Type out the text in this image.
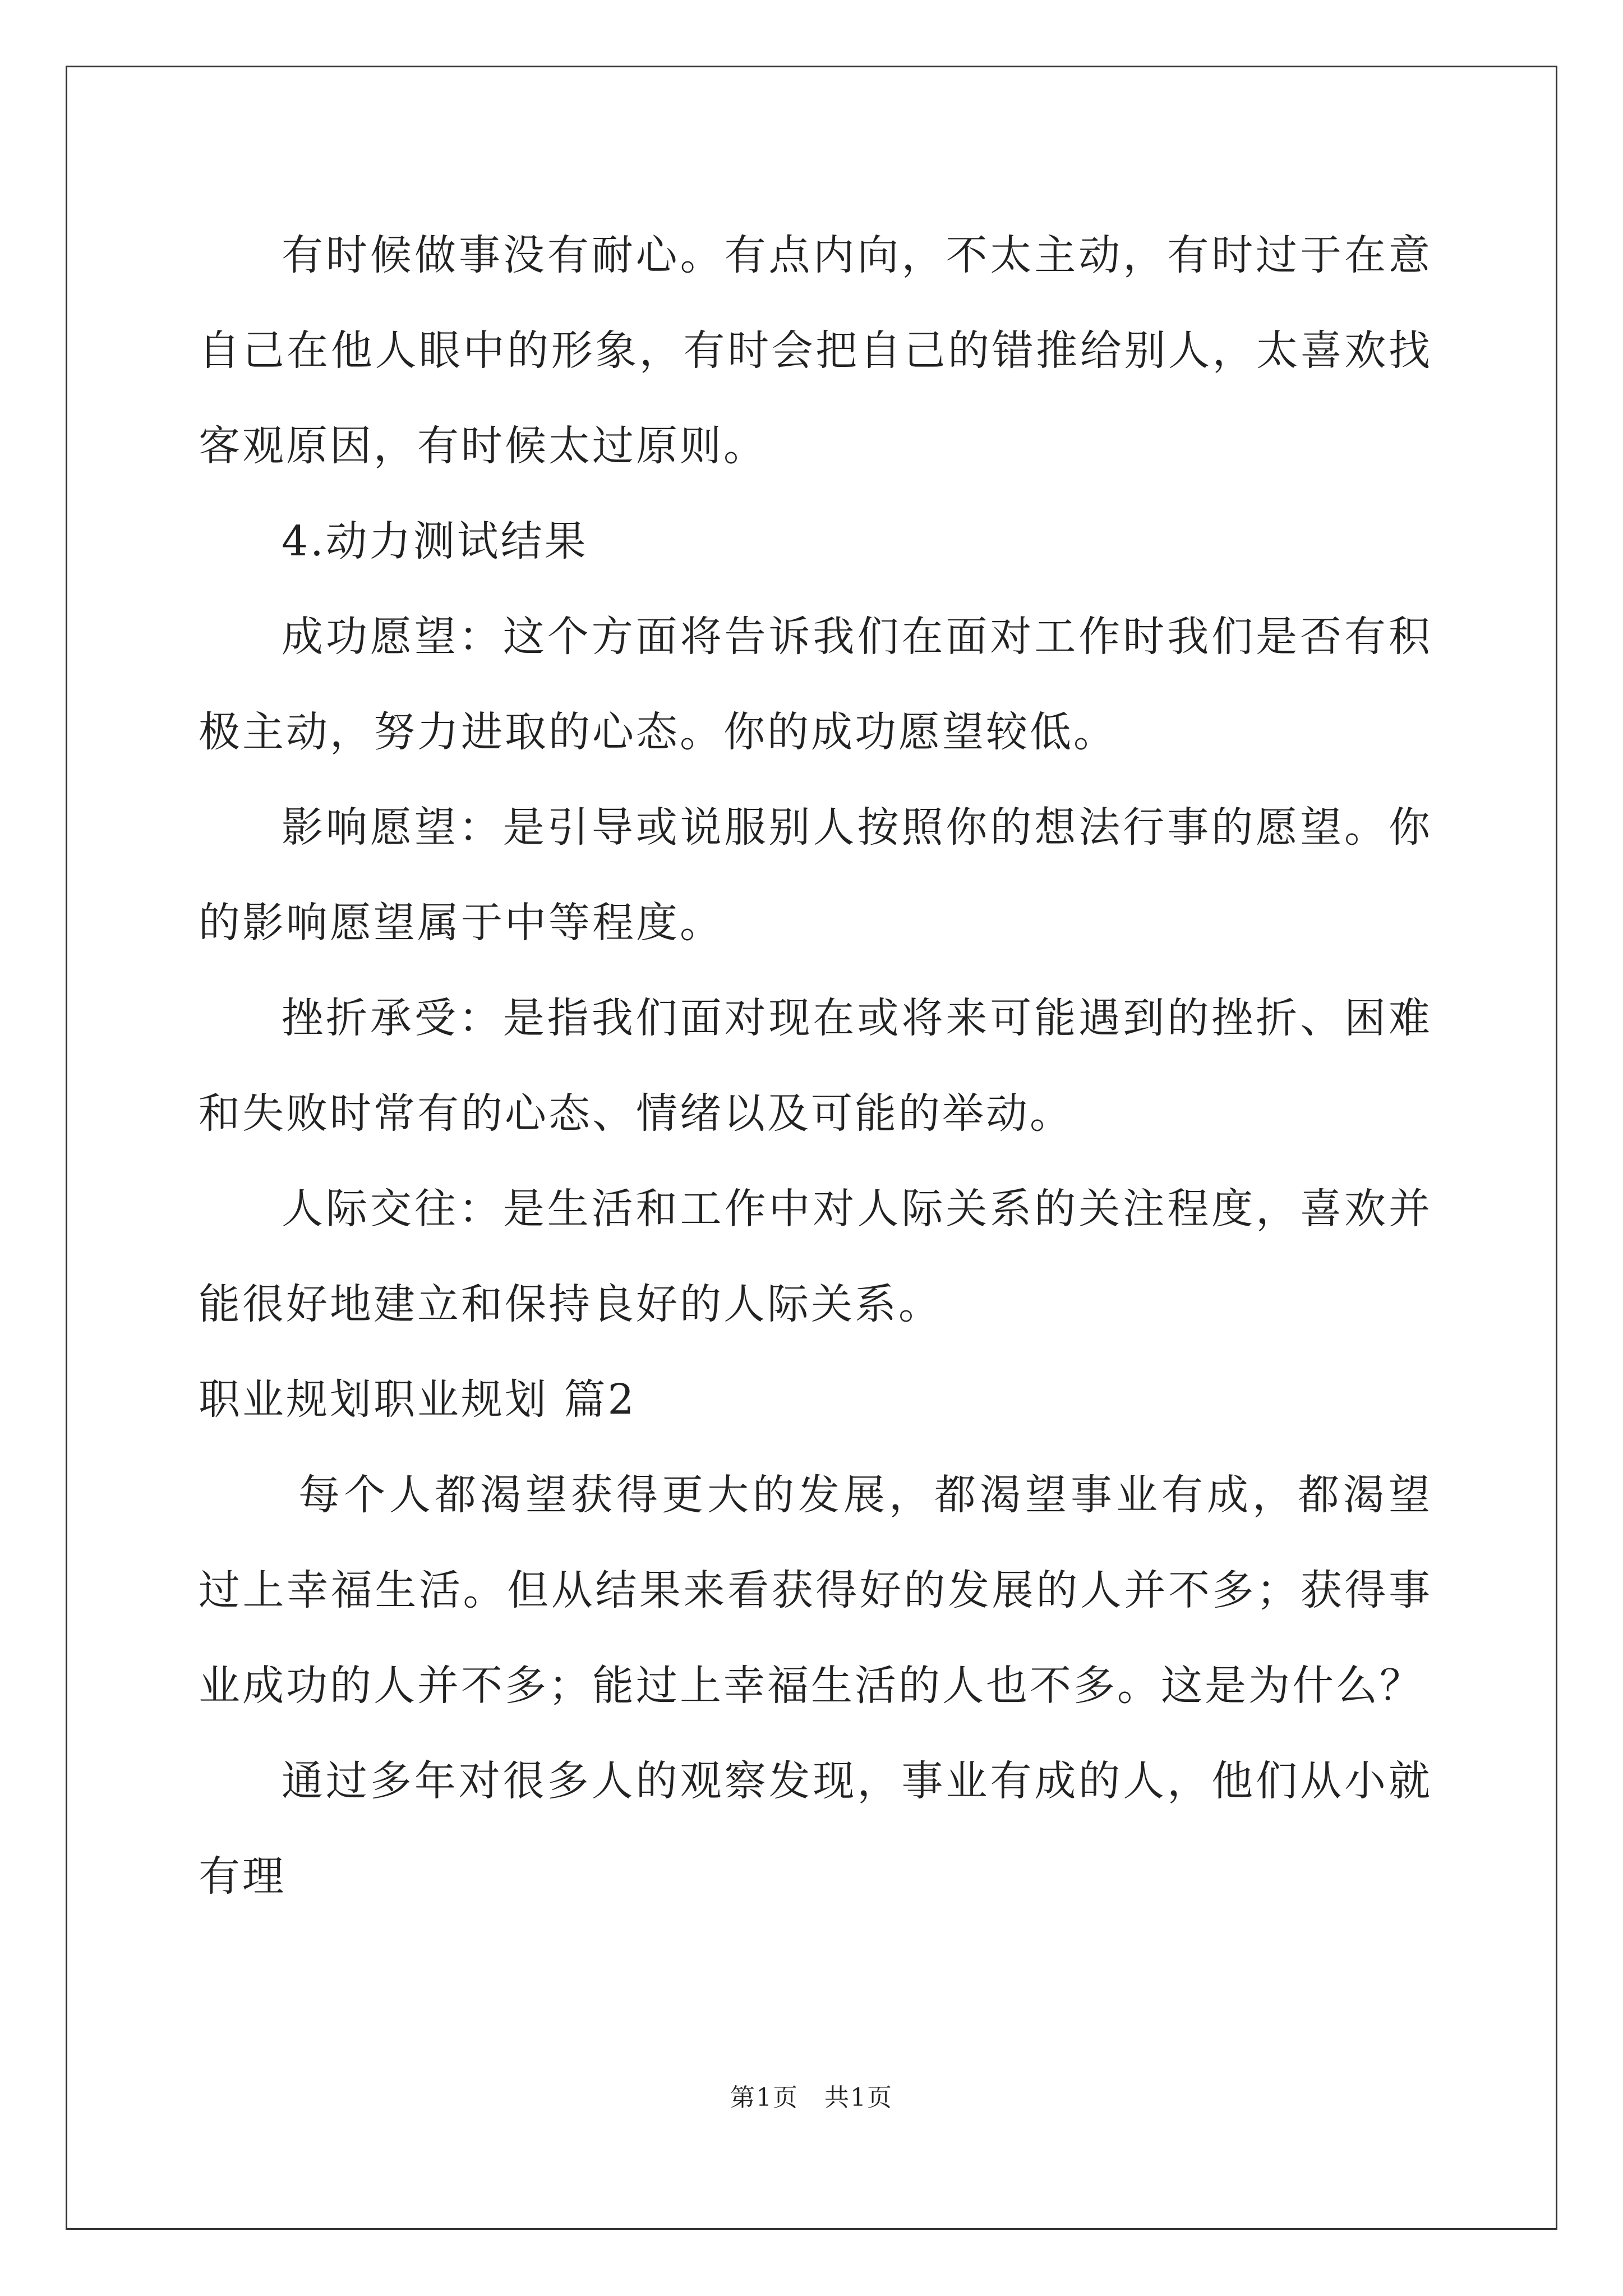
有时候做事没有耐心。有点内向，不太主动，有时过于在意自己在他人眼中的形象，有时会把自己的错推给别人，太喜欢找客观原因，有时候太过原则。

4.动力测试结果

成功愿望：这个方面将告诉我们在面对工作时我们是否有积极主动，努力进取的心态。你的成功愿望较低。

影响愿望：是引导或说服别人按照你的想法行事的愿望。你的影响愿望属于中等程度。

挫折承受：是指我们面对现在或将来可能遇到的挫折、困难和失败时常有的心态、情绪以及可能的举动。

人际交往：是生活和工作中对人际关系的关注程度，喜欢并能很好地建立和保持良好的人际关系。

职业规划职业规划 篇2

每个人都渴望获得更大的发展，都渴望事业有成，都渴望过上幸福生活。但从结果来看获得好的发展的人并不多；获得事业成功的人并不多；能过上幸福生活的人也不多。这是为什么？

通过多年对很多人的观察发现，事业有成的人，他们从小就有理

第1页　共1页
